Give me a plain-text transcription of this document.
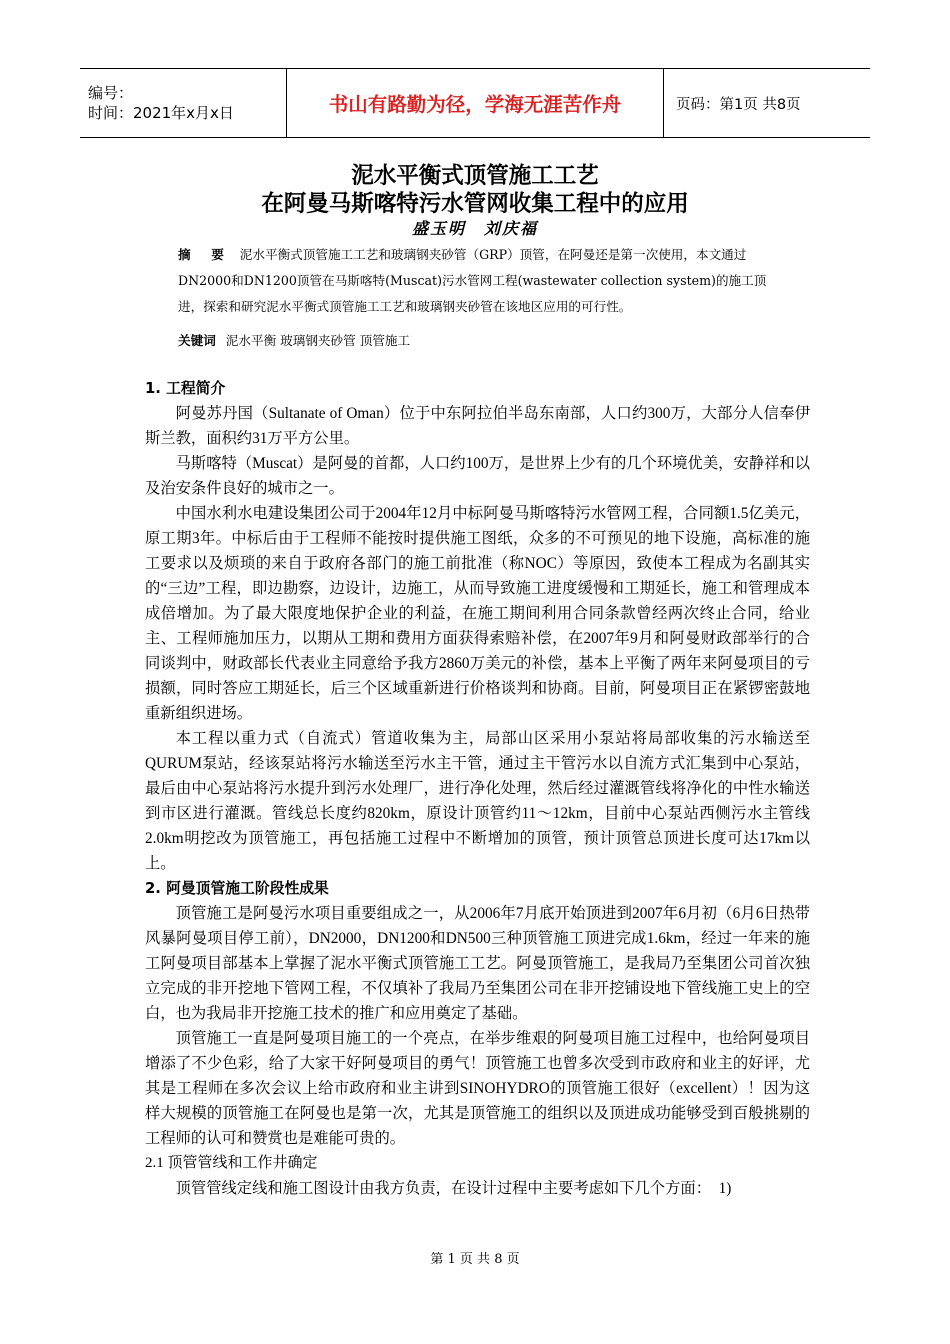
编号：
时间：2021年x月x日	书山有路勤为径，学海无涯苦作舟	页码：第1页 共8页
泥水平衡式顶管施工工艺
在阿曼马斯喀特污水管网收集工程中的应用
盛玉明　刘庆福
摘　要 泥水平衡式顶管施工工艺和玻璃钢夹砂管（GRP）顶管，在阿曼还是第一次使用，本文通过DN2000和DN1200顶管在马斯喀特(Muscat)污水管网工程(wastewater collection system)的施工顶进，探索和研究泥水平衡式顶管施工工艺和玻璃钢夹砂管在该地区应用的可行性。
关键词 泥水平衡 玻璃钢夹砂管 顶管施工
1. 工程简介

阿曼苏丹国（Sultanate of Oman）位于中东阿拉伯半岛东南部，人口约300万，大部分人信奉伊斯兰教，面积约31万平方公里。

马斯喀特（Muscat）是阿曼的首都，人口约100万，是世界上少有的几个环境优美，安静祥和以及治安条件良好的城市之一。

中国水利水电建设集团公司于2004年12月中标阿曼马斯喀特污水管网工程，合同额1.5亿美元，原工期3年。中标后由于工程师不能按时提供施工图纸，众多的不可预见的地下设施，高标准的施工要求以及烦琐的来自于政府各部门的施工前批准（称NOC）等原因，致使本工程成为名副其实的“三边”工程，即边勘察，边设计，边施工，从而导致施工进度缓慢和工期延长，施工和管理成本成倍增加。为了最大限度地保护企业的利益，在施工期间利用合同条款曾经两次终止合同，给业主、工程师施加压力，以期从工期和费用方面获得索赔补偿，在2007年9月和阿曼财政部举行的合同谈判中，财政部长代表业主同意给予我方2860万美元的补偿，基本上平衡了两年来阿曼项目的亏损额，同时答应工期延长，后三个区域重新进行价格谈判和协商。目前，阿曼项目正在紧锣密鼓地重新组织进场。

本工程以重力式（自流式）管道收集为主，局部山区采用小泵站将局部收集的污水输送至QURUM泵站，经该泵站将污水输送至污水主干管，通过主干管污水以自流方式汇集到中心泵站，最后由中心泵站将污水提升到污水处理厂，进行净化处理，然后经过灌溉管线将净化的中性水输送到市区进行灌溉。管线总长度约820km，原设计顶管约11～12km，目前中心泵站西侧污水主管线2.0km明挖改为顶管施工，再包括施工过程中不断增加的顶管，预计顶管总顶进长度可达17km以上。

2. 阿曼顶管施工阶段性成果

顶管施工是阿曼污水项目重要组成之一，从2006年7月底开始顶进到2007年6月初（6月6日热带风暴阿曼项目停工前），DN2000，DN1200和DN500三种顶管施工顶进完成1.6km，经过一年来的施工阿曼项目部基本上掌握了泥水平衡式顶管施工工艺。阿曼顶管施工，是我局乃至集团公司首次独立完成的非开挖地下管网工程，不仅填补了我局乃至集团公司在非开挖铺设地下管线施工史上的空白，也为我局非开挖施工技术的推广和应用奠定了基础。

顶管施工一直是阿曼项目施工的一个亮点，在举步维艰的阿曼项目施工过程中，也给阿曼项目增添了不少色彩，给了大家干好阿曼项目的勇气！顶管施工也曾多次受到市政府和业主的好评，尤其是工程师在多次会议上给市政府和业主讲到SINOHYDRO的顶管施工很好（excellent）！因为这样大规模的顶管施工在阿曼也是第一次，尤其是顶管施工的组织以及顶进成功能够受到百般挑剔的工程师的认可和赞赏也是难能可贵的。

2.1 顶管管线和工作井确定

顶管管线定线和施工图设计由我方负责，在设计过程中主要考虑如下几个方面：　1)

第 1 页 共 8 页
